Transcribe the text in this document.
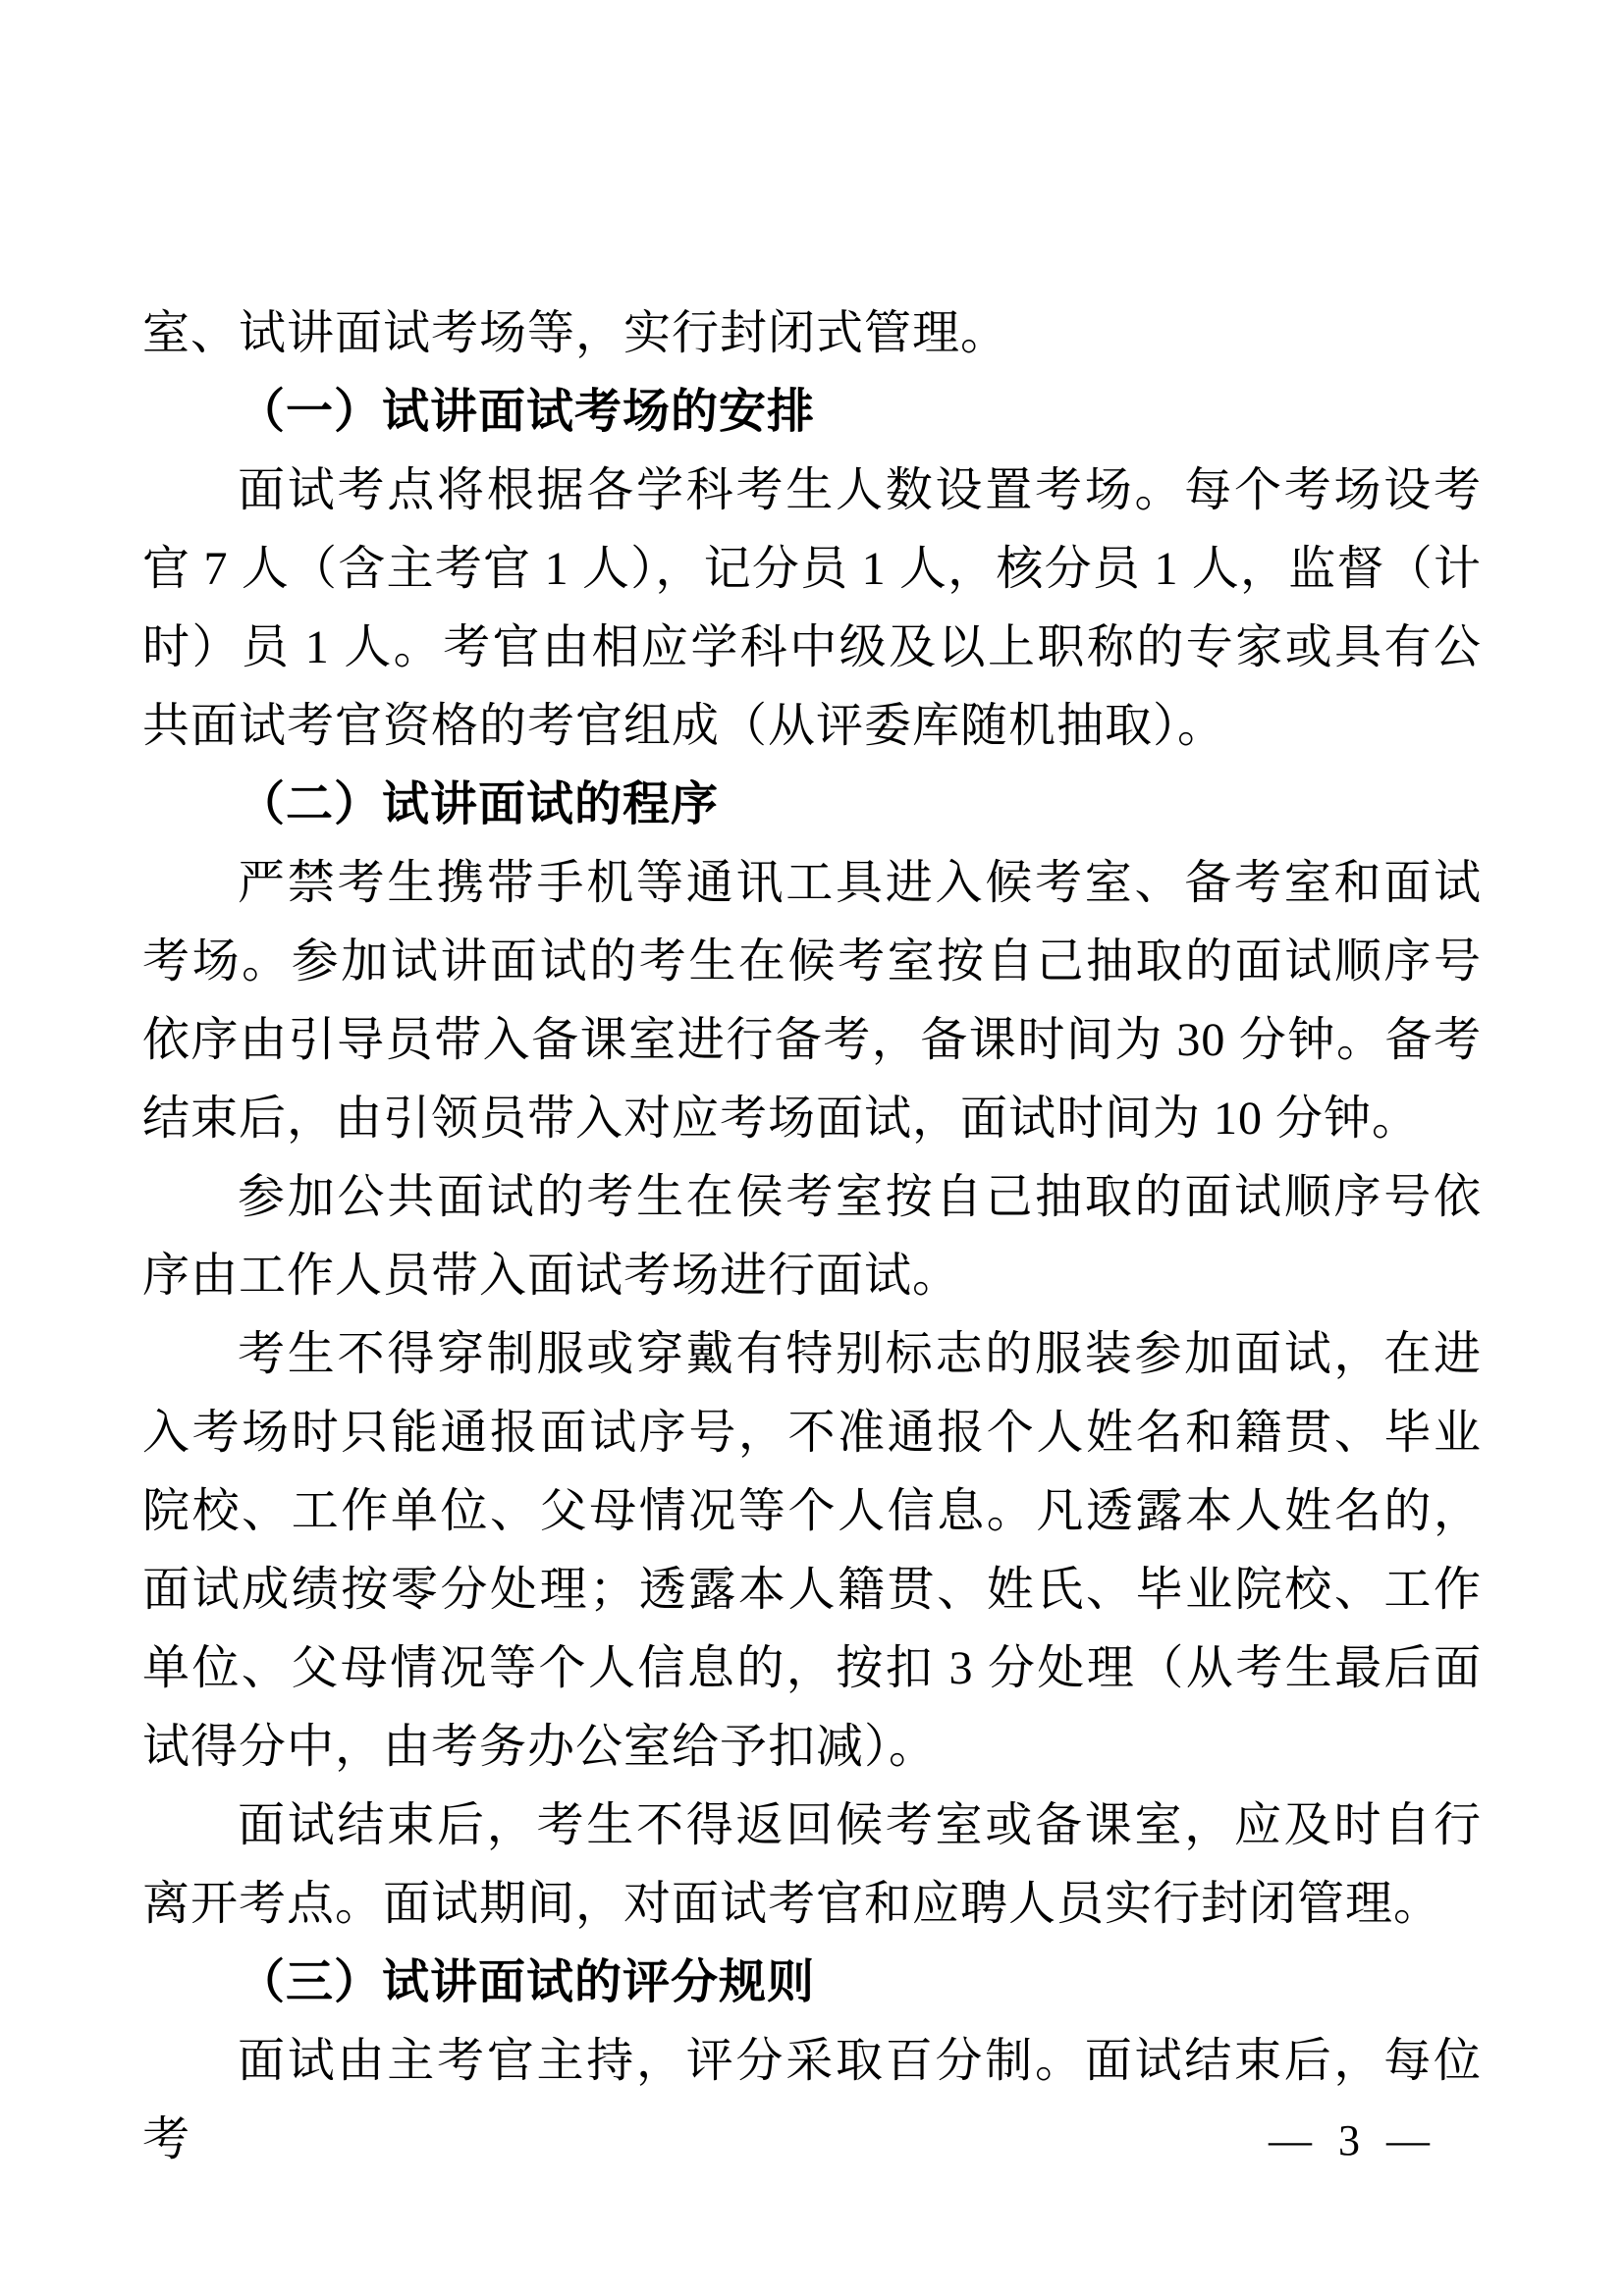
室、试讲面试考场等，实行封闭式管理。

（一）试讲面试考场的安排

面试考点将根据各学科考生人数设置考场。每个考场设考官 7 人（含主考官 1 人），记分员 1 人，核分员 1 人，监督（计时）员 1 人。考官由相应学科中级及以上职称的专家或具有公共面试考官资格的考官组成（从评委库随机抽取）。

（二）试讲面试的程序

严禁考生携带手机等通讯工具进入候考室、备考室和面试考场。参加试讲面试的考生在候考室按自己抽取的面试顺序号依序由引导员带入备课室进行备考，备课时间为 30 分钟。备考结束后，由引领员带入对应考场面试，面试时间为 10 分钟。

参加公共面试的考生在侯考室按自己抽取的面试顺序号依序由工作人员带入面试考场进行面试。

考生不得穿制服或穿戴有特别标志的服装参加面试，在进入考场时只能通报面试序号，不准通报个人姓名和籍贯、毕业院校、工作单位、父母情况等个人信息。凡透露本人姓名的，面试成绩按零分处理；透露本人籍贯、姓氏、毕业院校、工作单位、父母情况等个人信息的，按扣 3 分处理（从考生最后面试得分中，由考务办公室给予扣减）。

面试结束后，考生不得返回候考室或备课室，应及时自行离开考点。面试期间，对面试考官和应聘人员实行封闭管理。

（三）试讲面试的评分规则

面试由主考官主持，评分采取百分制。面试结束后，每位考	— 3 —
